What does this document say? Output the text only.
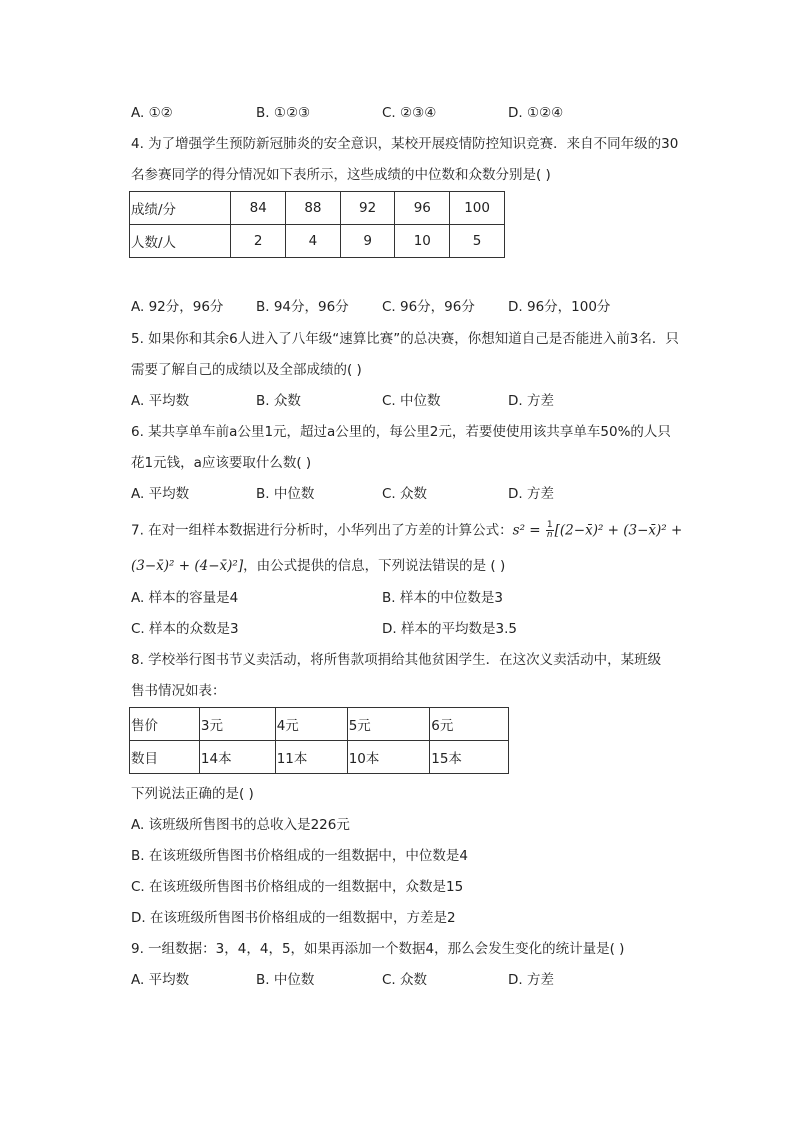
A. ①②	B. ①②③	C. ②③④	D. ①②④
4. 为了增强学生预防新冠肺炎的安全意识，某校开展疫情防控知识竞赛．来自不同年级的30
名参赛同学的得分情况如下表所示，这些成绩的中位数和众数分别是( )
成绩/分	84	88	92	96	100
人数/人	2	4	9	10	5
A. 92分，96分 B. 94分，96分 C. 96分，96分 D. 96分，100分
5. 如果你和其余6人进入了八年级“速算比赛”的总决赛，你想知道自己是否能进入前3名．只
需要了解自己的成绩以及全部成绩的( )
A. 平均数	B. 众数	C. 中位数	D. 方差
6. 某共享单车前a公里1元，超过a公里的，每公里2元，若要使使用该共享单车50%的人只
花1元钱，a应该要取什么数( )
A. 平均数	B. 中位数	C. 众数	D. 方差
7. 在对一组样本数据进行分析时，小华列出了方差的计算公式：$s^2 = \frac{1}{n}$ [(2−x̄)² + (3−x̄)² +
(3−x̄)² + (4−x̄)²]，由公式提供的信息，下列说法错误的是 ( )
A. 样本的容量是4	B. 样本的中位数是3
C. 样本的众数是3	D. 样本的平均数是3.5
8. 学校举行图书节义卖活动，将所售款项捐给其他贫困学生．在这次义卖活动中，某班级
售书情况如表：
售价	3元	4元	5元	6元
数目	14本	11本	10本	15本
下列说法正确的是( )
A. 该班级所售图书的总收入是226元
B. 在该班级所售图书价格组成的一组数据中，中位数是4
C. 在该班级所售图书价格组成的一组数据中，众数是15
D. 在该班级所售图书价格组成的一组数据中，方差是2
9. 一组数据：3，4，4，5，如果再添加一个数据4，那么会发生变化的统计量是( )
A. 平均数	B. 中位数	C. 众数	D. 方差
